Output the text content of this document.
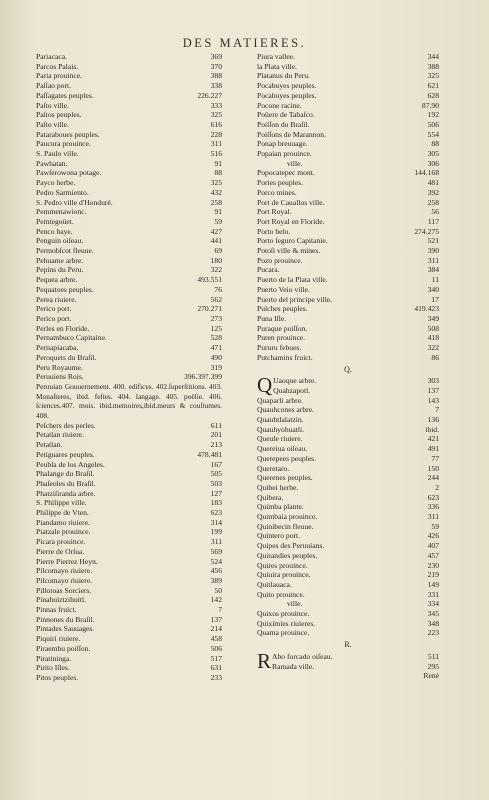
DES MATIERES.
Pariacaca.	369
Parcos Palais.	370
Paria prouince.	388
Paſſao port.	338
Paſſagates peuples.	226.227
Paſto ville.	333
Paſtos peuples.	325
Paſto ville.	616
Pataraboues peuples.	228
Paucura prouince.	311
S. Paulo ville.	516
Pawhatan.	91
Pawſerowona potage.	88
Payco herbe.	325
Pedro Sarmiento.	432
S. Pedro ville d'Honduré.	258
Pemmenawionc.	91
Pemtegoüet.	59
Penco baye.	427
Penguin oiſeau.	441
Permobſcot fleuue.	69
Pehuame arbre.	180
Pepins du Peru.	322
Pequea arbre.	493.551
Pequatoes peuples.	76
Perea riuiere.	562
Perico port.	270.271
Perico port.	273
Perles en Floride.	125
Pernambuco Capitaine.	528
Pernapiacaba.	471
Peroquets du Braſil.	490
Peru Royaume.	319
Peruuiens Rois.	396.397.399
Peruuian Gouuernement. 400. edifices. 402.ſuperſtitions. 403. Monaſteres, ibid. feſtes. 404. langage. 405. poëſie. 406. ſciences.407. mois. ibid.memoires,ibid.meurs & couſtumes. 408.
Peſchers des perles.	611
Petatlan riuiere.	201
Petatlan.	213
Petiguares peuples.	478.481
Peubla de los Angeles.	167
Phalange du Braſil.	505
Phaſeoles du Braſil.	503
Phatziſiranda arbre.	127
S. Philippe ville.	183
Philippe de Vten.	623
Piandamo riuiere.	314
Piatzale prouince.	199
Picara prouince.	311
Pierre de Orſua.	569
Pierre Pierrez Heyn.	524
Pilcomayo riuiere.	456
Pilcomayo riuiere.	389
Pillotoas Sorciers.	50
Pinahuiztzihuitl.	142
Pinnas fruict.	7
Pinnones du Braſil.	137
Pintades Sauuages.	214
Piquiri riuiere.	458
Piraembu poiſſon.	506
Piratininga.	517
Pirito Iſles.	631
Pitos peuples.	233
Piura vallee.	344
la Plata ville.	388
Platanus du Peru.	325
Pocabuyes peuples.	621
Pocabuyes peuples.	628
Pocone racine.	87.90
Poüere de Tabaſco.	192
Poiſſon du Braſil.	506
Poiſſons de Marannon.	554
Ponap breuuage.	88
Popaian prouince.	305
ville.	306
Popocatepec mont.	144.168
Pories peuples.	481
Porco mines.	392
Port de Cauallos ville.	258
Port Royal.	56
Port Royal en Floride.	117
Porto belo.	274.275
Porto ſeguro Capitanie.	521
Potoſi ville & mines.	390
Pozo prouince.	311
Pucara.	384
Puerto de la Plata ville.	11
Puerto Veio ville.	340
Puerto del principe ville.	17
Pulches peuples.	419.423
Puna Iſle.	349
Puraque poiſſon.	508
Puren prouince.	418
Pururu febues.	322
Putchamins fruict.	86
Q.
Q Uaoque arbre.	303
Quahzapotl.	137
Quaparli arbre.	143
Quauhcones arbre.	7
Quauhtlalatzin.	136
Quauhyohuatli.	ibid.
Queule riuiere.	421
Quereiua oiſeau.	491
Querepees peuples.	77
Queretaro.	150
Querenes peuples.	244
Quibei herbe.	2
Quibera.	623
Quimba plante.	336
Quimbaia prouince.	311
Quinibecin fleuue.	59
Quintero port.	426
Quipes des Peruuians.	407
Quirandies peuples.	457
Quires prouince.	230
Quiuira prouince.	219
Quitlauaca.	149
Quito prouince.	331
ville.	334
Quixos prouince.	345
Quiximies riuieres.	348
Quama prouince.	223
R.
R Abo forcado oiſeau.	511
Ramada ville.	295
René
